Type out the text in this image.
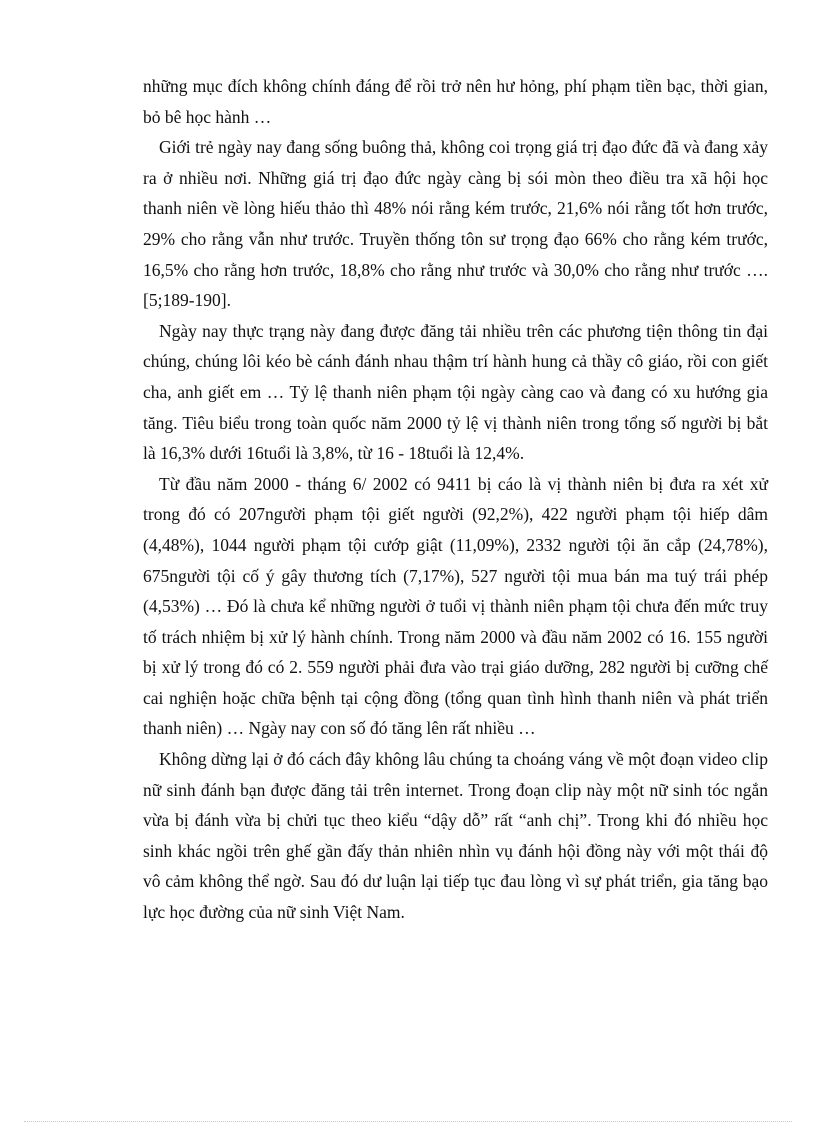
những mục đích không chính đáng để rồi trở nên hư hỏng, phí phạm tiền bạc, thời gian, bỏ bê học hành …

Giới trẻ ngày nay đang sống buông thả, không coi trọng giá trị đạo đức đã và đang xảy ra ở nhiều nơi. Những giá trị đạo đức ngày càng bị sói mòn theo điều tra xã hội học thanh niên về lòng hiếu thảo thì 48% nói rằng kém trước, 21,6% nói rằng tốt hơn trước, 29% cho rằng vẫn như trước. Truyền thống tôn sư trọng đạo 66% cho rằng kém trước, 16,5% cho rằng hơn trước, 18,8% cho rằng như trước và 30,0% cho rằng như trước …. [5;189-190].

Ngày nay thực trạng này đang được đăng tải nhiều trên các phương tiện thông tin đại chúng, chúng lôi kéo bè cánh đánh nhau thậm trí hành hung cả thầy cô giáo, rồi con giết cha, anh giết em … Tỷ lệ thanh niên phạm tội ngày càng cao và đang có xu hướng gia tăng. Tiêu biểu trong toàn quốc năm 2000 tỷ lệ vị thành niên trong tổng số người bị bắt là 16,3% dưới 16tuổi là 3,8%, từ 16 - 18tuổi là 12,4%.

Từ đầu năm 2000 - tháng 6/ 2002 có 9411 bị cáo là vị thành niên bị đưa ra xét xử trong đó có 207người phạm tội giết người (92,2%), 422 người phạm tội hiếp dâm (4,48%), 1044 người phạm tội cướp giật (11,09%), 2332 người tội ăn cắp (24,78%), 675người tội cố ý gây thương tích (7,17%), 527 người tội mua bán ma tuý trái phép (4,53%) … Đó là chưa kể những người ở tuổi vị thành niên phạm tội chưa đến mức truy tố trách nhiệm bị xử lý hành chính. Trong năm 2000 và đầu năm 2002 có 16. 155 người bị xử lý trong đó có 2. 559 người phải đưa vào trại giáo dưỡng, 282 người bị cưỡng chế cai nghiện hoặc chữa bệnh tại cộng đồng (tổng quan tình hình thanh niên và phát triển thanh niên) … Ngày nay con số đó tăng lên rất nhiều …

Không dừng lại ở đó cách đây không lâu chúng ta choáng váng về một đoạn video clip nữ sinh đánh bạn được đăng tải trên internet. Trong đoạn clip này một nữ sinh tóc ngắn vừa bị đánh vừa bị chửi tục theo kiểu “dậy dỗ” rất “anh chị”. Trong khi đó nhiều học sinh khác ngồi trên ghế gần đấy thản nhiên nhìn vụ đánh hội đồng này với một thái độ vô cảm không thể ngờ. Sau đó dư luận lại tiếp tục đau lòng vì sự phát triển, gia tăng bạo lực học đường của nữ sinh Việt Nam.
